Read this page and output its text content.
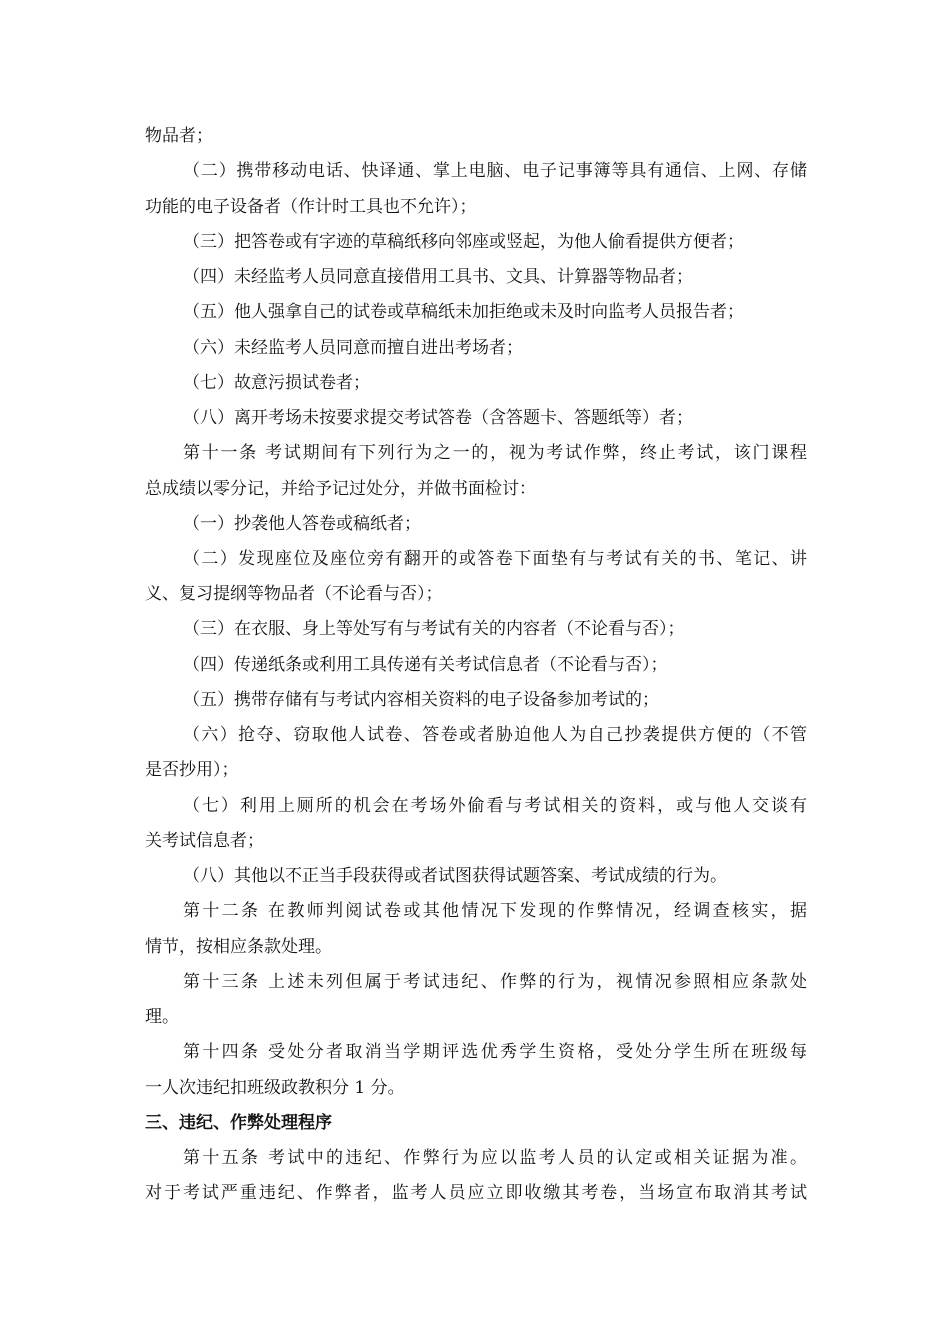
物品者；
（二）携带移动电话、快译通、掌上电脑、电子记事簿等具有通信、上网、存储
功能的电子设备者（作计时工具也不允许）；
（三）把答卷或有字迹的草稿纸移向邻座或竖起，为他人偷看提供方便者；
（四）未经监考人员同意直接借用工具书、文具、计算器等物品者；
（五）他人强拿自己的试卷或草稿纸未加拒绝或未及时向监考人员报告者；
（六）未经监考人员同意而擅自进出考场者；
（七）故意污损试卷者；
（八）离开考场未按要求提交考试答卷（含答题卡、答题纸等）者；
第十一条 考试期间有下列行为之一的，视为考试作弊，终止考试，该门课程
总成绩以零分记，并给予记过处分，并做书面检讨：
（一）抄袭他人答卷或稿纸者；
（二）发现座位及座位旁有翻开的或答卷下面垫有与考试有关的书、笔记、讲
义、复习提纲等物品者（不论看与否）；
（三）在衣服、身上等处写有与考试有关的内容者（不论看与否）；
（四）传递纸条或利用工具传递有关考试信息者（不论看与否）；
（五）携带存储有与考试内容相关资料的电子设备参加考试的；
（六）抢夺、窃取他人试卷、答卷或者胁迫他人为自己抄袭提供方便的（不管
是否抄用）；
（七）利用上厕所的机会在考场外偷看与考试相关的资料，或与他人交谈有
关考试信息者；
（八）其他以不正当手段获得或者试图获得试题答案、考试成绩的行为。
第十二条 在教师判阅试卷或其他情况下发现的作弊情况，经调查核实，据
情节，按相应条款处理。
第十三条 上述未列但属于考试违纪、作弊的行为，视情况参照相应条款处
理。
第十四条 受处分者取消当学期评选优秀学生资格，受处分学生所在班级每
一人次违纪扣班级政教积分 1 分。
三、违纪、作弊处理程序
第十五条 考试中的违纪、作弊行为应以监考人员的认定或相关证据为准。
对于考试严重违纪、作弊者，监考人员应立即收缴其考卷，当场宣布取消其考试
